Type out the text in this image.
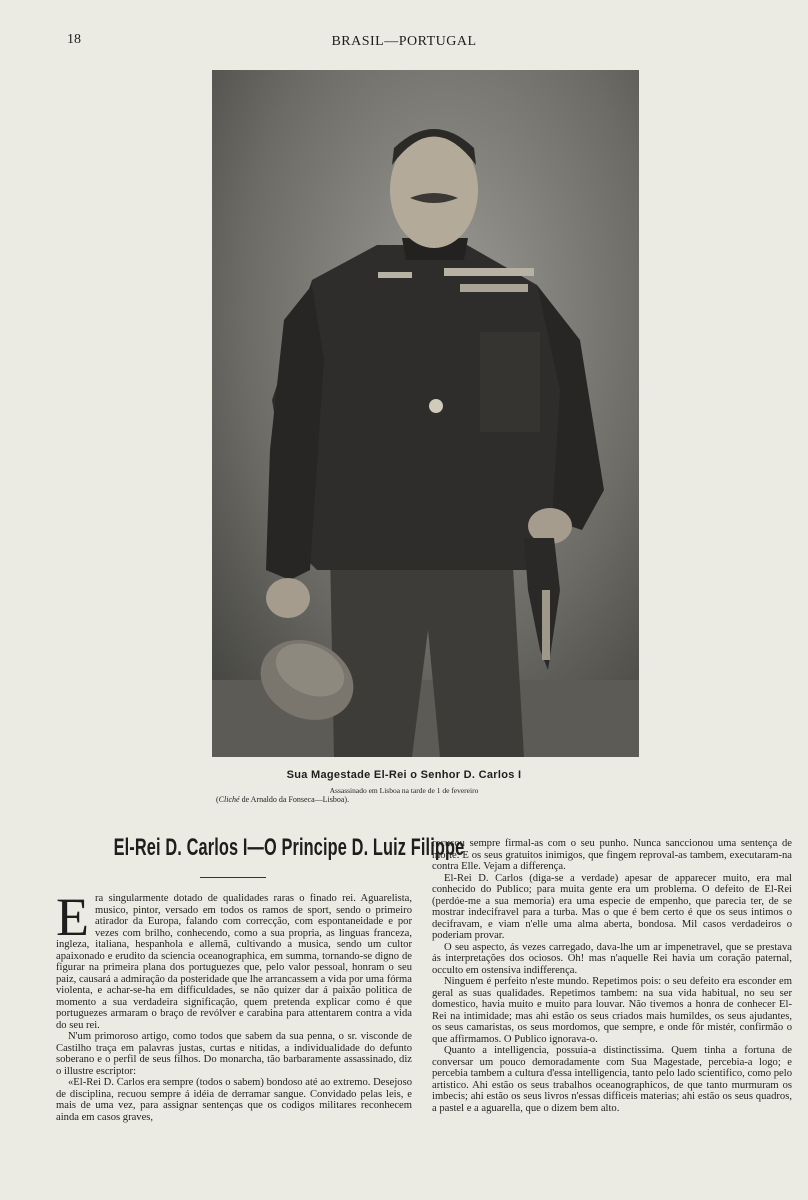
18	BRASIL—PORTUGAL
Sua Magestade El-Rei o Senhor D. Carlos I
Assassinado em Lisboa na tarde de 1 de fevereiro
(Cliché de Arnaldo da Fonseca—Lisboa).
El-Rei D. Carlos I—O Principe D. Luiz Filippe

Era singularmente dotado de qualidades raras o finado rei. Aguarelista, musico, pintor, versado em todos os ramos de sport, sendo o primeiro atirador da Europa, falando com correcção, com espontaneidade e por vezes com brilho, conhecendo, como a sua propria, as linguas franceza, ingleza, italiana, hespanhola e allemã, cultivando a musica, sendo um cultor apaixonado e erudito da sciencia oceanographica, em summa, tornando-se digno de figurar na primeira plana dos portuguezes que, pelo valor pessoal, honram o seu paiz, causará a admiração da posteridade que lhe arrancassem a vida por uma fórma violenta, e achar-se-ha em difficuldades, se não quizer dar á paixão politica de momento a sua verdadeira significação, quem pretenda explicar como é que portuguezes armaram o braço de revólver e carabina para attentarem contra a vida do seu rei.

N'um primoroso artigo, como todos que sabem da sua penna, o sr. visconde de Castilho traça em palavras justas, curtas e nitidas, a individualidade do defunto soberano e o perfil de seus filhos. Do monarcha, tão barbaramente assassinado, diz o illustre escriptor:

«El-Rei D. Carlos era sempre (todos o sabem) bondoso até ao extremo. Desejoso de disciplina, recuou sempre á idéia de derramar sangue. Convidado pelas leis, e mais de uma vez, para assignar sentenças que os codigos militares reconhecem ainda em casos graves,

recusou sempre firmal-as com o seu punho. Nunca sanccionou uma sentença de morte. E os seus gratuitos inimigos, que fingem reproval-as tambem, executaram-na contra Elle. Vejam a differença.

El-Rei D. Carlos (diga-se a verdade) apesar de apparecer muito, era mal conhecido do Publico; para muita gente era um problema. O defeito de El-Rei (perdóe-me a sua memoria) era uma especie de empenho, que parecia ter, de se mostrar indecifravel para a turba. Mas o que é bem certo é que os seus intimos o decifravam, e viam n'elle uma alma aberta, bondosa. Mil casos verdadeiros o poderiam provar.

O seu aspecto, ás vezes carregado, dava-lhe um ar impenetravel, que se prestava ás interpretações dos ociosos. Oh! mas n'aquelle Rei havia um coração paternal, occulto em ostensiva indifferença.

Ninguem é perfeito n'este mundo. Repetimos pois: o seu defeito era esconder em geral as suas qualidades. Repetimos tambem: na sua vida habitual, no seu ser domestico, havia muito e muito para louvar. Não tivemos a honra de conhecer El-Rei na intimidade; mas ahi estão os seus criados mais humildes, os seus ajudantes, os seus camaristas, os seus mordomos, que sempre, e onde fôr mistér, confirmão o que affirmamos. O Publico ignorava-o.

Quanto a intelligencia, possuia-a distinctissima. Quem tinha a fortuna de conversar um pouco demoradamente com Sua Magestade, percebia-a logo; e percebia tambem a cultura d'essa intelligencia, tanto pelo lado scientifico, como pelo artistico. Ahi estão os seus trabalhos oceanographicos, de que tanto murmuram os imbecis; ahi estão os seus livros n'essas difficeis materias; ahi estão os seus quadros, a pastel e a aguarella, que o dizem bem alto.
